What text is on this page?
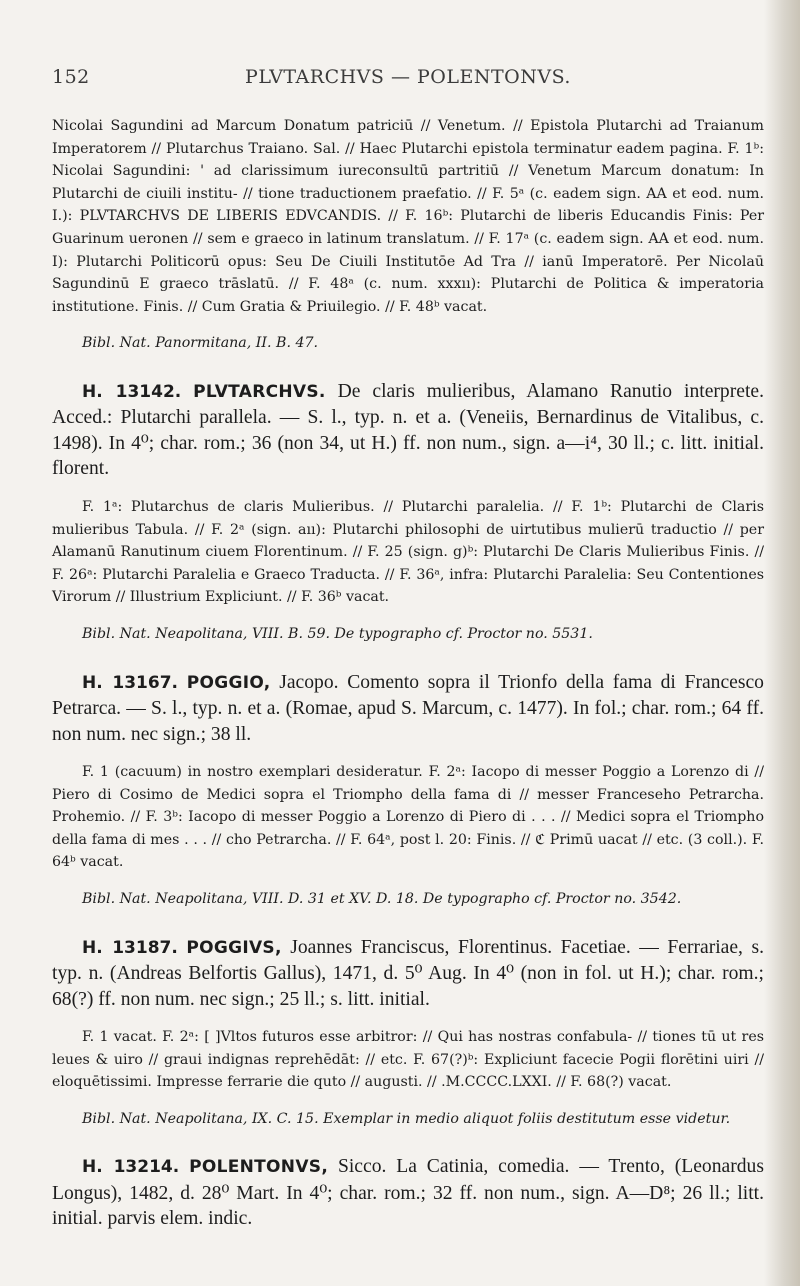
152	PLVTARCHVS — POLENTONVS.

Nicolai Sagundini ad Marcum Donatum patriciū // Venetum. // Epistola Plutarchi ad Traianum Imperatorem // Plutarchus Traiano. Sal. // Haec Plutarchi epistola terminatur eadem pagina. F. 1ᵇ: Nicolai Sagundini: ' ad clarissimum iureconsultū partritiū // Venetum Marcum donatum: In Plutarchi de ciuili institu- // tione traductionem praefatio. // F. 5ᵃ (c. eadem sign. AA et eod. num. I.): PLVTARCHVS DE LIBERIS EDVCANDIS. // F. 16ᵇ: Plutarchi de liberis Educandis Finis: Per Guarinum ueronen // sem e graeco in latinum translatum. // F. 17ᵃ (c. eadem sign. AA et eod. num. I): Plutarchi Politicorū opus: Seu De Ciuili Institutōe Ad Tra // ianū Imperatorē. Per Nicolaū Sagundinū E graeco trāslatū. // F. 48ᵃ (c. num. xxxıı): Plutarchi de Politica & imperatoria institutione. Finis. // Cum Gratia & Priuilegio. // F. 48ᵇ vacat.

Bibl. Nat. Panormitana, II. B. 47.

H. 13142. PLVTARCHVS. De claris mulieribus, Alamano Ranutio interprete. Acced.: Plutarchi parallela. — S. l., typ. n. et a. (Veneiis, Bernardinus de Vitalibus, c. 1498). In 4⁰; char. rom.; 36 (non 34, ut H.) ff. non num., sign. a—i⁴, 30 ll.; c. litt. initial. florent.

F. 1ᵃ: Plutarchus de claris Mulieribus. // Plutarchi paralelia. // F. 1ᵇ: Plutarchi de Claris mulieribus Tabula. // F. 2ᵃ (sign. aıı): Plutarchi philosophi de uirtutibus mulierū traductio // per Alamanū Ranutinum ciuem Florentinum. // F. 25 (sign. g)ᵇ: Plutarchi De Claris Mulieribus Finis. // F. 26ᵃ: Plutarchi Paralelia e Graeco Traducta. // F. 36ᵃ, infra: Plutarchi Paralelia: Seu Contentiones Virorum // Illustrium Expliciunt. // F. 36ᵇ vacat.

Bibl. Nat. Neapolitana, VIII. B. 59. De typographo cf. Proctor no. 5531.

H. 13167. POGGIO, Jacopo. Comento sopra il Trionfo della fama di Francesco Petrarca. — S. l., typ. n. et a. (Romae, apud S. Marcum, c. 1477). In fol.; char. rom.; 64 ff. non num. nec sign.; 38 ll.

F. 1 (cacuum) in nostro exemplari desideratur. F. 2ᵃ: Iacopo di messer Poggio a Lorenzo di // Piero di Cosimo de Medici sopra el Triompho della fama di // messer Franceseho Petrarcha. Prohemio. // F. 3ᵇ: Iacopo di messer Poggio a Lorenzo di Piero di . . . // Medici sopra el Triompho della fama di mes . . . // cho Petrarcha. // F. 64ᵃ, post l. 20: Finis. // ℭ Primū uacat // etc. (3 coll.). F. 64ᵇ vacat.

Bibl. Nat. Neapolitana, VIII. D. 31 et XV. D. 18. De typographo cf. Proctor no. 3542.

H. 13187. POGGIVS, Joannes Franciscus, Florentinus. Facetiae. — Ferrariae, s. typ. n. (Andreas Belfortis Gallus), 1471, d. 5⁰ Aug. In 4⁰ (non in fol. ut H.); char. rom.; 68(?) ff. non num. nec sign.; 25 ll.; s. litt. initial.

F. 1 vacat. F. 2ᵃ: [ ]Vltos futuros esse arbitror: // Qui has nostras confabula- // tiones tū ut res leues & uiro // graui indignas reprehēdāt: // etc. F. 67(?)ᵇ: Expliciunt facecie Pogii florētini uiri // eloquētissimi. Impresse ferrarie die quto // augusti. // .M.CCCC.LXXI. // F. 68(?) vacat.

Bibl. Nat. Neapolitana, IX. C. 15. Exemplar in medio aliquot foliis destitutum esse videtur.

H. 13214. POLENTONVS, Sicco. La Catinia, comedia. — Trento, (Leonardus Longus), 1482, d. 28⁰ Mart. In 4⁰; char. rom.; 32 ff. non num., sign. A—D⁸; 26 ll.; litt. initial. parvis elem. indic.
